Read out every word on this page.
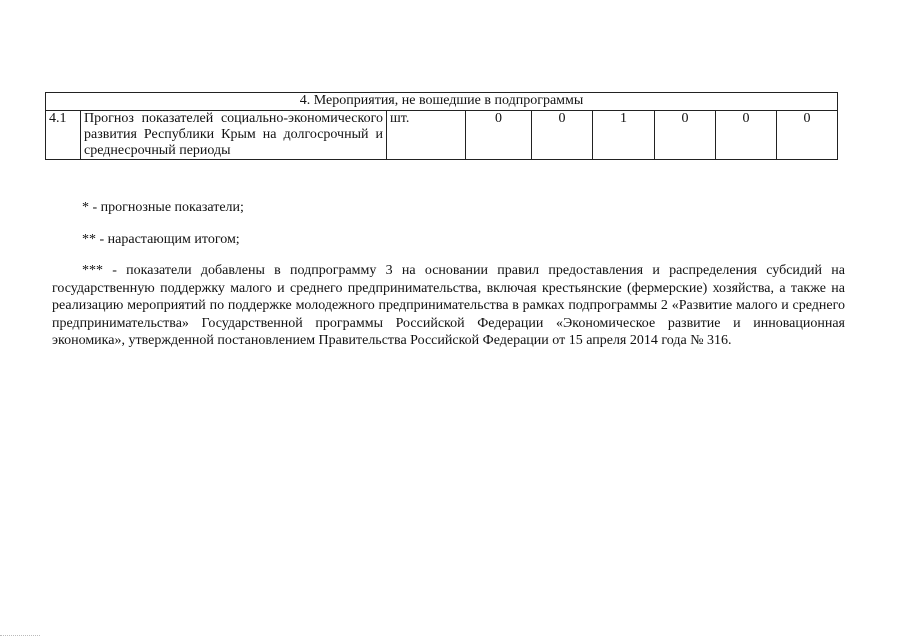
4. Мероприятия, не вошедшие в подпрограммы
4.1	Прогноз показателей социально-экономического развития Республики Крым на долгосрочный и среднесрочный периоды	шт.	0	0	1	0	0	0

* - прогнозные показатели;

** - нарастающим итогом;

*** - показатели добавлены в подпрограмму 3 на основании правил предоставления и распределения субсидий на государственную поддержку малого и среднего предпринимательства, включая крестьянские (фермерские) хозяйства, а также на реализацию мероприятий по поддержке молодежного предпринимательства в рамках подпрограммы 2 «Развитие малого и среднего предпринимательства» Государственной программы Российской Федерации «Экономическое развитие и инновационная экономика», утвержденной постановлением Правительства Российской Федерации от 15 апреля 2014 года № 316.
